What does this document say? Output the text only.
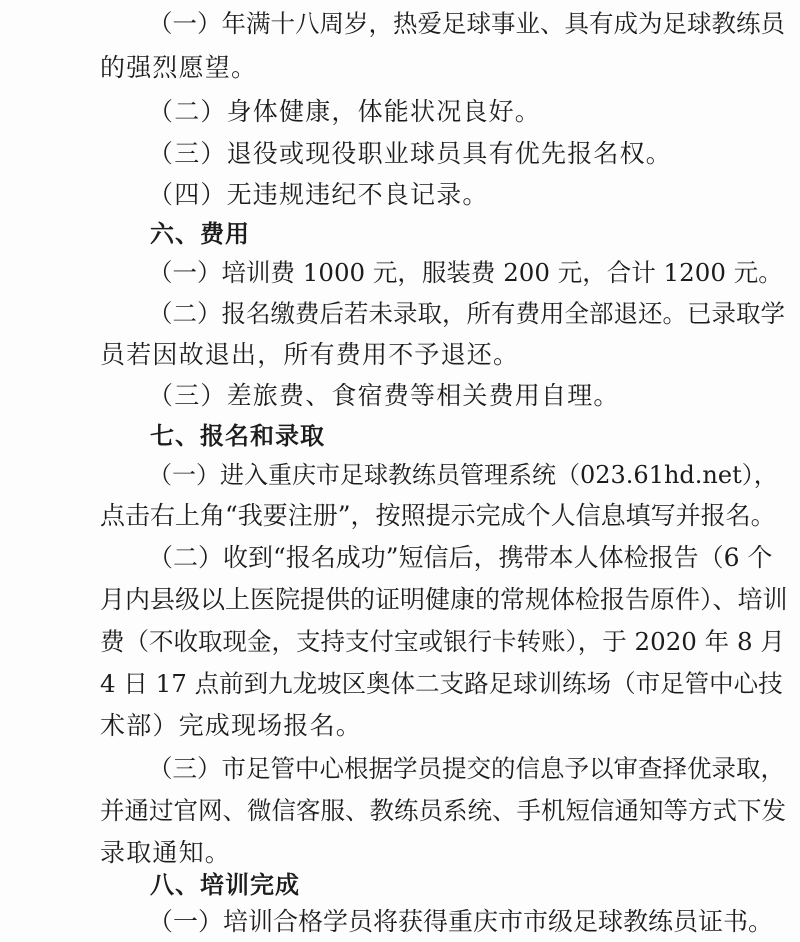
（一）年满十八周岁，热爱足球事业、具有成为足球教练员
的强烈愿望。
（二）身体健康，体能状况良好。
（三）退役或现役职业球员具有优先报名权。
（四）无违规违纪不良记录。
六、费用
（一）培训费 1000 元，服装费 200 元，合计 1200 元。
（二）报名缴费后若未录取，所有费用全部退还。已录取学
员若因故退出，所有费用不予退还。
（三）差旅费、食宿费等相关费用自理。
七、报名和录取
（一）进入重庆市足球教练员管理系统（023.61hd.net），
点击右上角“我要注册”，按照提示完成个人信息填写并报名。
（二）收到“报名成功”短信后，携带本人体检报告（6 个
月内县级以上医院提供的证明健康的常规体检报告原件）、培训
费（不收取现金，支持支付宝或银行卡转账），于 2020 年 8 月
4 日 17 点前到九龙坡区奥体二支路足球训练场（市足管中心技
术部）完成现场报名。
（三）市足管中心根据学员提交的信息予以审查择优录取，
并通过官网、微信客服、教练员系统、手机短信通知等方式下发
录取通知。
八、培训完成
（一）培训合格学员将获得重庆市市级足球教练员证书。
